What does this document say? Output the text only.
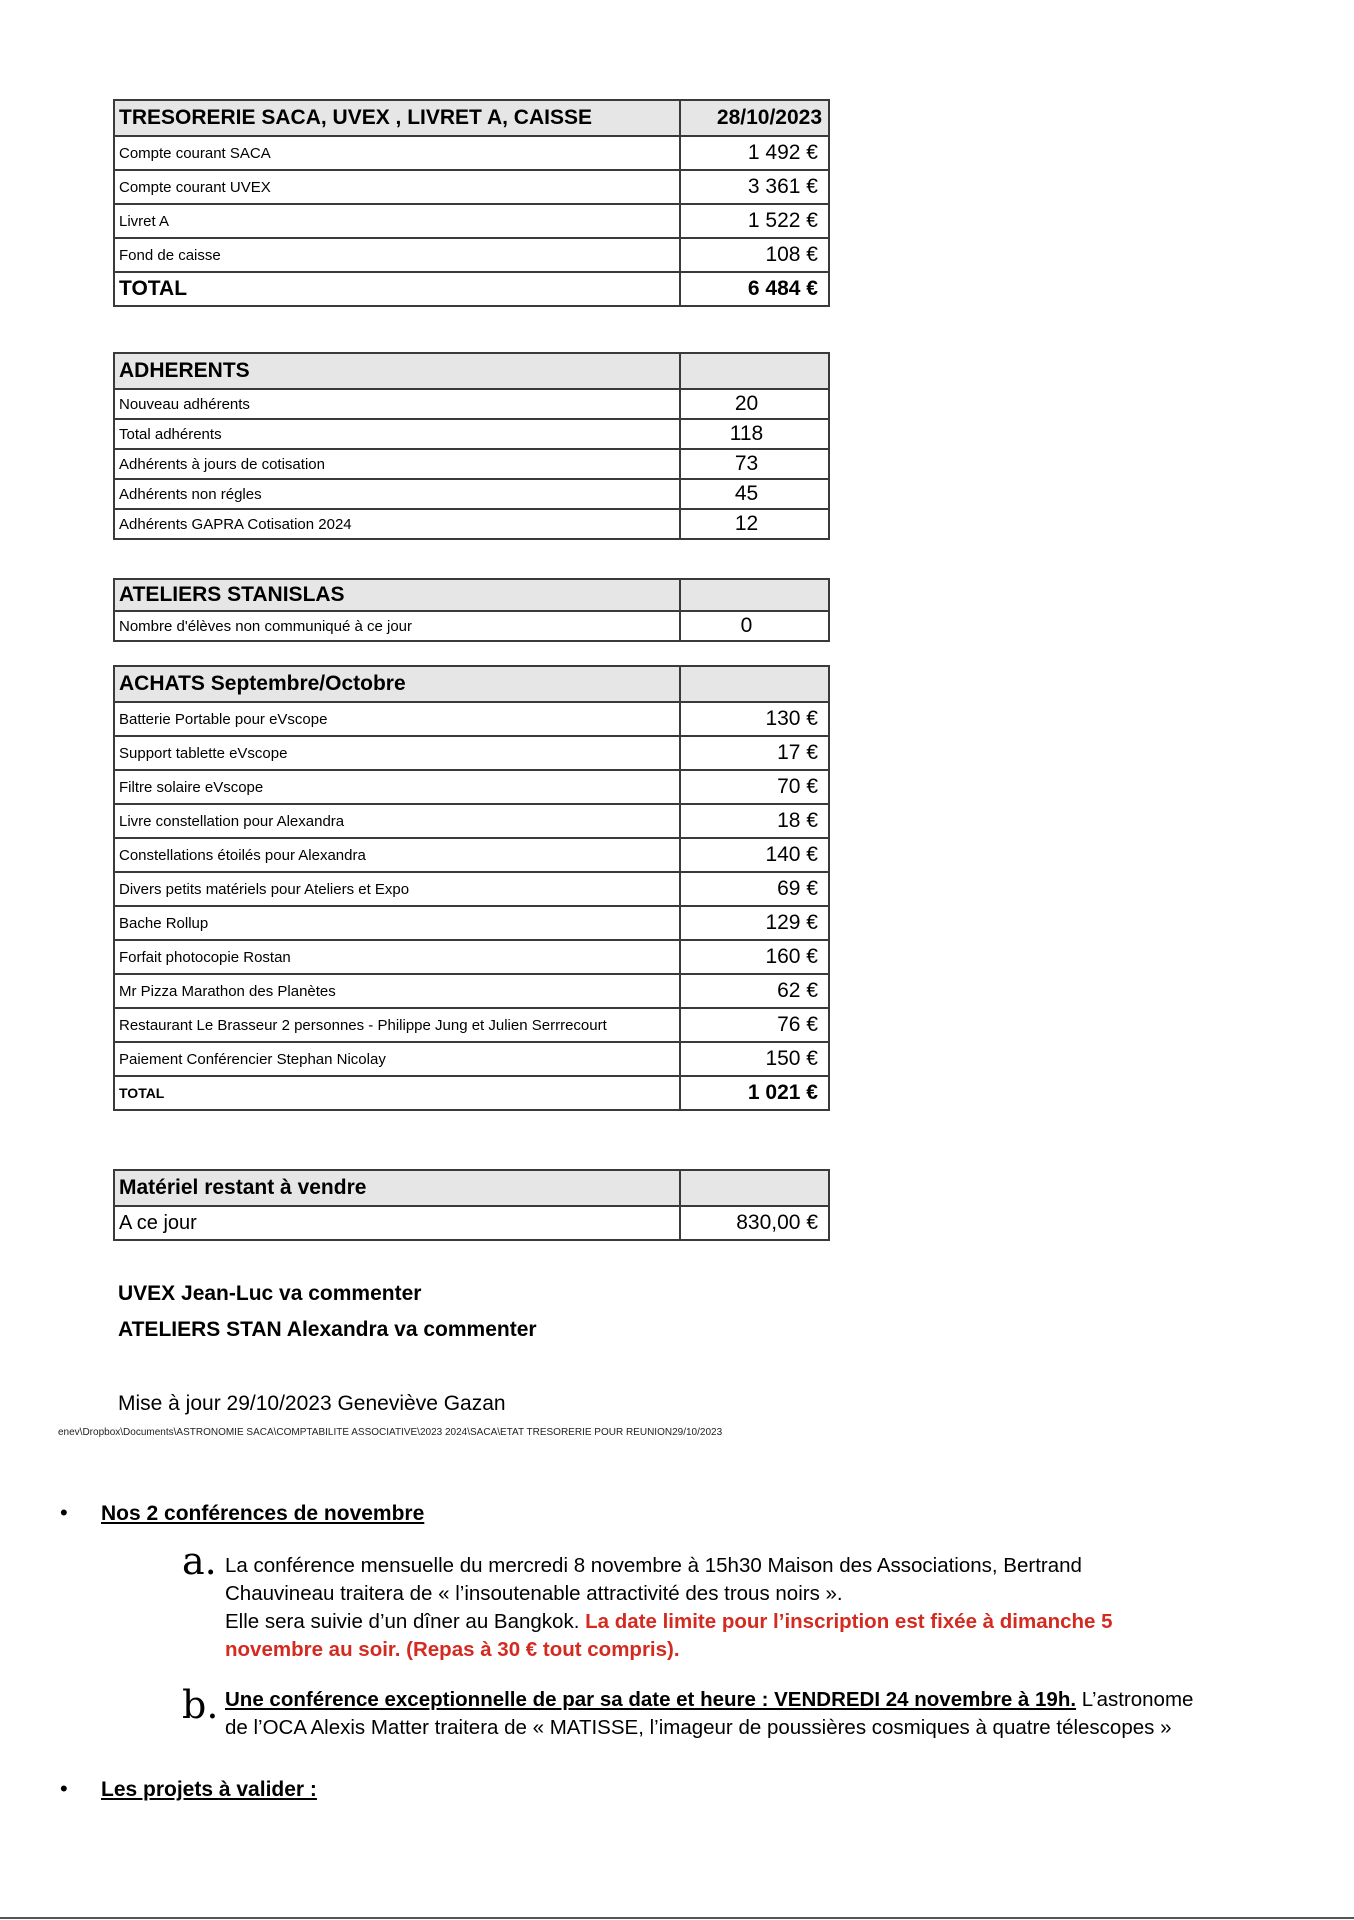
TRESORERIE SACA, UVEX , LIVRET A, CAISSE	28/10/2023
Compte courant SACA	1 492 €
Compte courant UVEX	3 361 €
Livret A	1 522 €
Fond de caisse	108 €
TOTAL	6 484 €
ADHERENTS	
Nouveau adhérents	20
Total adhérents	118
Adhérents à jours de cotisation	73
Adhérents non régles	45
Adhérents GAPRA Cotisation 2024	12
ATELIERS STANISLAS	
Nombre d'élèves non communiqué à ce jour	0
ACHATS Septembre/Octobre	
Batterie Portable pour eVscope	130 €
Support tablette eVscope	17 €
Filtre solaire eVscope	70 €
Livre constellation pour Alexandra	18 €
Constellations étoilés pour Alexandra	140 €
Divers petits matériels pour Ateliers et Expo	69 €
Bache Rollup	129 €
Forfait photocopie Rostan	160 €
Mr Pizza Marathon des Planètes	62 €
Restaurant Le Brasseur 2 personnes - Philippe Jung et Julien Serrrecourt	76 €
Paiement Conférencier Stephan Nicolay	150 €
TOTAL	1 021 €
Matériel restant à vendre	
A ce jour	830,00 €
UVEX Jean-Luc va commenter
ATELIERS STAN Alexandra va commenter
Mise à jour 29/10/2023 Geneviève Gazan
enev\Dropbox\Documents\ASTRONOMIE SACA\COMPTABILITE ASSOCIATIVE\2023 2024\SACA\ETAT TRESORERIE POUR REUNION29/10/2023
• Nos 2 conférences de novembre
a. La conférence mensuelle du mercredi 8 novembre à 15h30 Maison des Associations, Bertrand
Chauvineau traitera de « l’insoutenable attractivité des trous noirs ».
Elle sera suivie d’un dîner au Bangkok. La date limite pour l’inscription est fixée à dimanche 5
novembre au soir. (Repas à 30 € tout compris).
b. Une conférence exceptionnelle de par sa date et heure : VENDREDI 24 novembre à 19h. L’astronome
de l’OCA Alexis Matter traitera de « MATISSE, l’imageur de poussières cosmiques à quatre télescopes »
• Les projets à valider :
